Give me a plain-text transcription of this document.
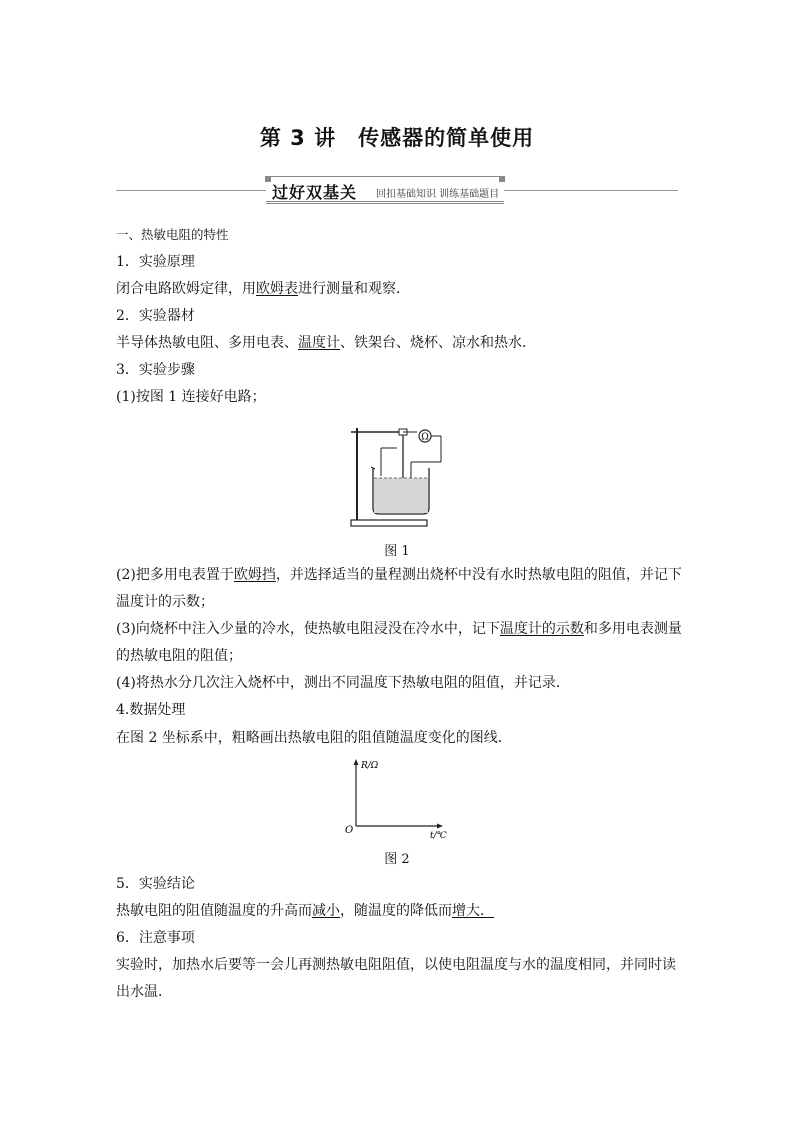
第 3 讲　传感器的简单使用
过好双基关 回扣基础知识 训练基础题目
一、热敏电阻的特性
1．实验原理
闭合电路欧姆定律，用欧姆表进行测量和观察．
2．实验器材
半导体热敏电阻、多用电表、温度计、铁架台、烧杯、凉水和热水．
3．实验步骤
(1)按图 1 连接好电路；
Ω
图 1
(2)把多用电表置于欧姆挡，并选择适当的量程测出烧杯中没有水时热敏电阻的阻值，并记下
温度计的示数；
(3)向烧杯中注入少量的冷水，使热敏电阻浸没在冷水中，记下温度计的示数和多用电表测量
的热敏电阻的阻值；
(4)将热水分几次注入烧杯中，测出不同温度下热敏电阻的阻值，并记录．
4.数据处理
在图 2 坐标系中，粗略画出热敏电阻的阻值随温度变化的图线．
R/Ω
t/℃
O
图 2
5．实验结论
热敏电阻的阻值随温度的升高而减小，随温度的降低而增大．
6．注意事项
实验时，加热水后要等一会儿再测热敏电阻阻值，以使电阻温度与水的温度相同，并同时读
出水温．
